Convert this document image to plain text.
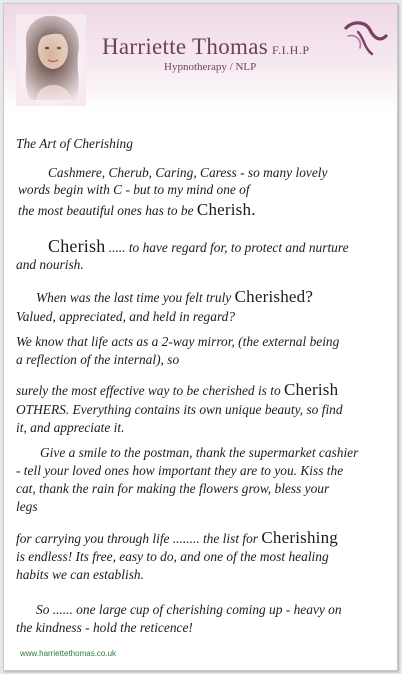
Harriette Thomas F.I.H.P
Hypnotherapy / NLP
The Art of Cherishing
Cashmere, Cherub, Caring, Caress - so many lovely
words begin with C - but to my mind one of
the most beautiful ones has to be Cherish.
Cherish ..... to have regard for, to protect and nurture
and nourish.
When was the last time you felt truly Cherished?
Valued, appreciated, and held in regard?
We know that life acts as a 2-way mirror, (the external being
a reflection of the internal), so
surely the most effective way to be cherished is to Cherish
OTHERS. Everything contains its own unique beauty, so find
it, and appreciate it.
Give a smile to the postman, thank the supermarket cashier
- tell your loved ones how important they are to you. Kiss the
cat, thank the rain for making the flowers grow, bless your
legs
for carrying you through life ........ the list for Cherishing
is endless! Its free, easy to do, and one of the most healing
habits we can establish.
So ...... one large cup of cherishing coming up - heavy on
the kindness - hold the reticence!
www.harriettethomas.co.uk
